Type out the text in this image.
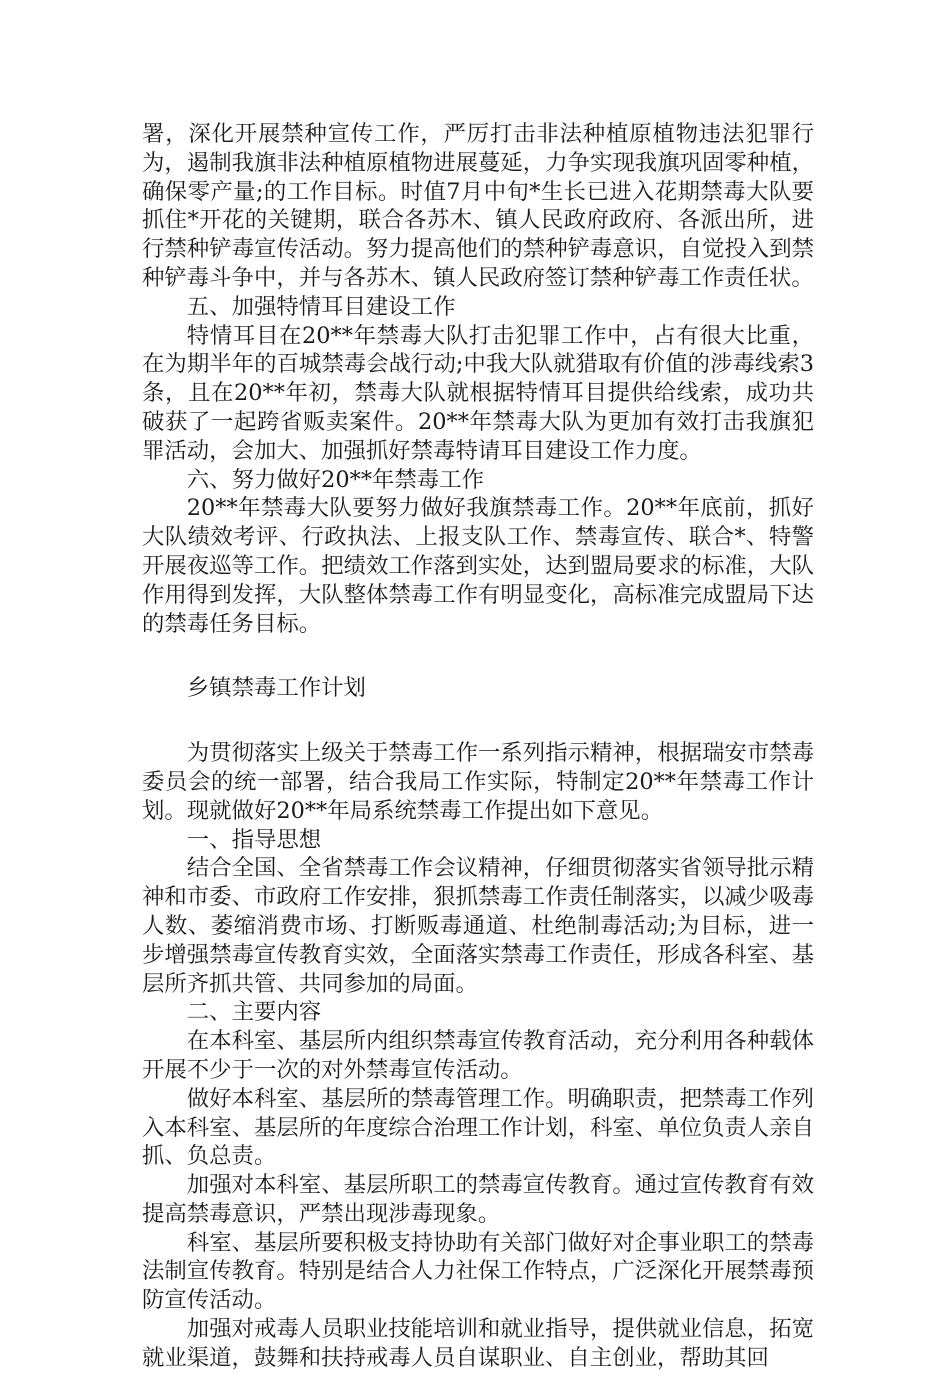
署，深化开展禁种宣传工作，严厉打击非法种植原植物违法犯罪行为，遏制我旗非法种植原植物进展蔓延，力争实现我旗巩固零种植，确保零产量;的工作目标。时值7月中旬*生长已进入花期禁毒大队要抓住*开花的关键期，联合各苏木、镇人民政府政府、各派出所，进行禁种铲毒宣传活动。努力提高他们的禁种铲毒意识，自觉投入到禁种铲毒斗争中，并与各苏木、镇人民政府签订禁种铲毒工作责任状。

五、加强特情耳目建设工作

特情耳目在20**年禁毒大队打击犯罪工作中，占有很大比重，在为期半年的百城禁毒会战行动;中我大队就猎取有价值的涉毒线索3条，且在20**年初，禁毒大队就根据特情耳目提供给线索，成功共破获了一起跨省贩卖案件。20**年禁毒大队为更加有效打击我旗犯罪活动，会加大、加强抓好禁毒特请耳目建设工作力度。

六、努力做好20**年禁毒工作

20**年禁毒大队要努力做好我旗禁毒工作。20**年底前，抓好大队绩效考评、行政执法、上报支队工作、禁毒宣传、联合*、特警开展夜巡等工作。把绩效工作落到实处，达到盟局要求的标准，大队作用得到发挥，大队整体禁毒工作有明显变化，高标准完成盟局下达的禁毒任务目标。

乡镇禁毒工作计划

为贯彻落实上级关于禁毒工作一系列指示精神，根据瑞安市禁毒委员会的统一部署，结合我局工作实际，特制定20**年禁毒工作计划。现就做好20**年局系统禁毒工作提出如下意见。

一、指导思想

结合全国、全省禁毒工作会议精神，仔细贯彻落实省领导批示精神和市委、市政府工作安排，狠抓禁毒工作责任制落实，以减少吸毒人数、萎缩消费市场、打断贩毒通道、杜绝制毒活动;为目标，进一步增强禁毒宣传教育实效，全面落实禁毒工作责任，形成各科室、基层所齐抓共管、共同参加的局面。

二、主要内容

在本科室、基层所内组织禁毒宣传教育活动，充分利用各种载体开展不少于一次的对外禁毒宣传活动。

做好本科室、基层所的禁毒管理工作。明确职责，把禁毒工作列入本科室、基层所的年度综合治理工作计划，科室、单位负责人亲自抓、负总责。

加强对本科室、基层所职工的禁毒宣传教育。通过宣传教育有效提高禁毒意识，严禁出现涉毒现象。

科室、基层所要积极支持协助有关部门做好对企事业职工的禁毒法制宣传教育。特别是结合人力社保工作特点，广泛深化开展禁毒预防宣传活动。

加强对戒毒人员职业技能培训和就业指导，提供就业信息，拓宽就业渠道，鼓舞和扶持戒毒人员自谋职业、自主创业，帮助其回
